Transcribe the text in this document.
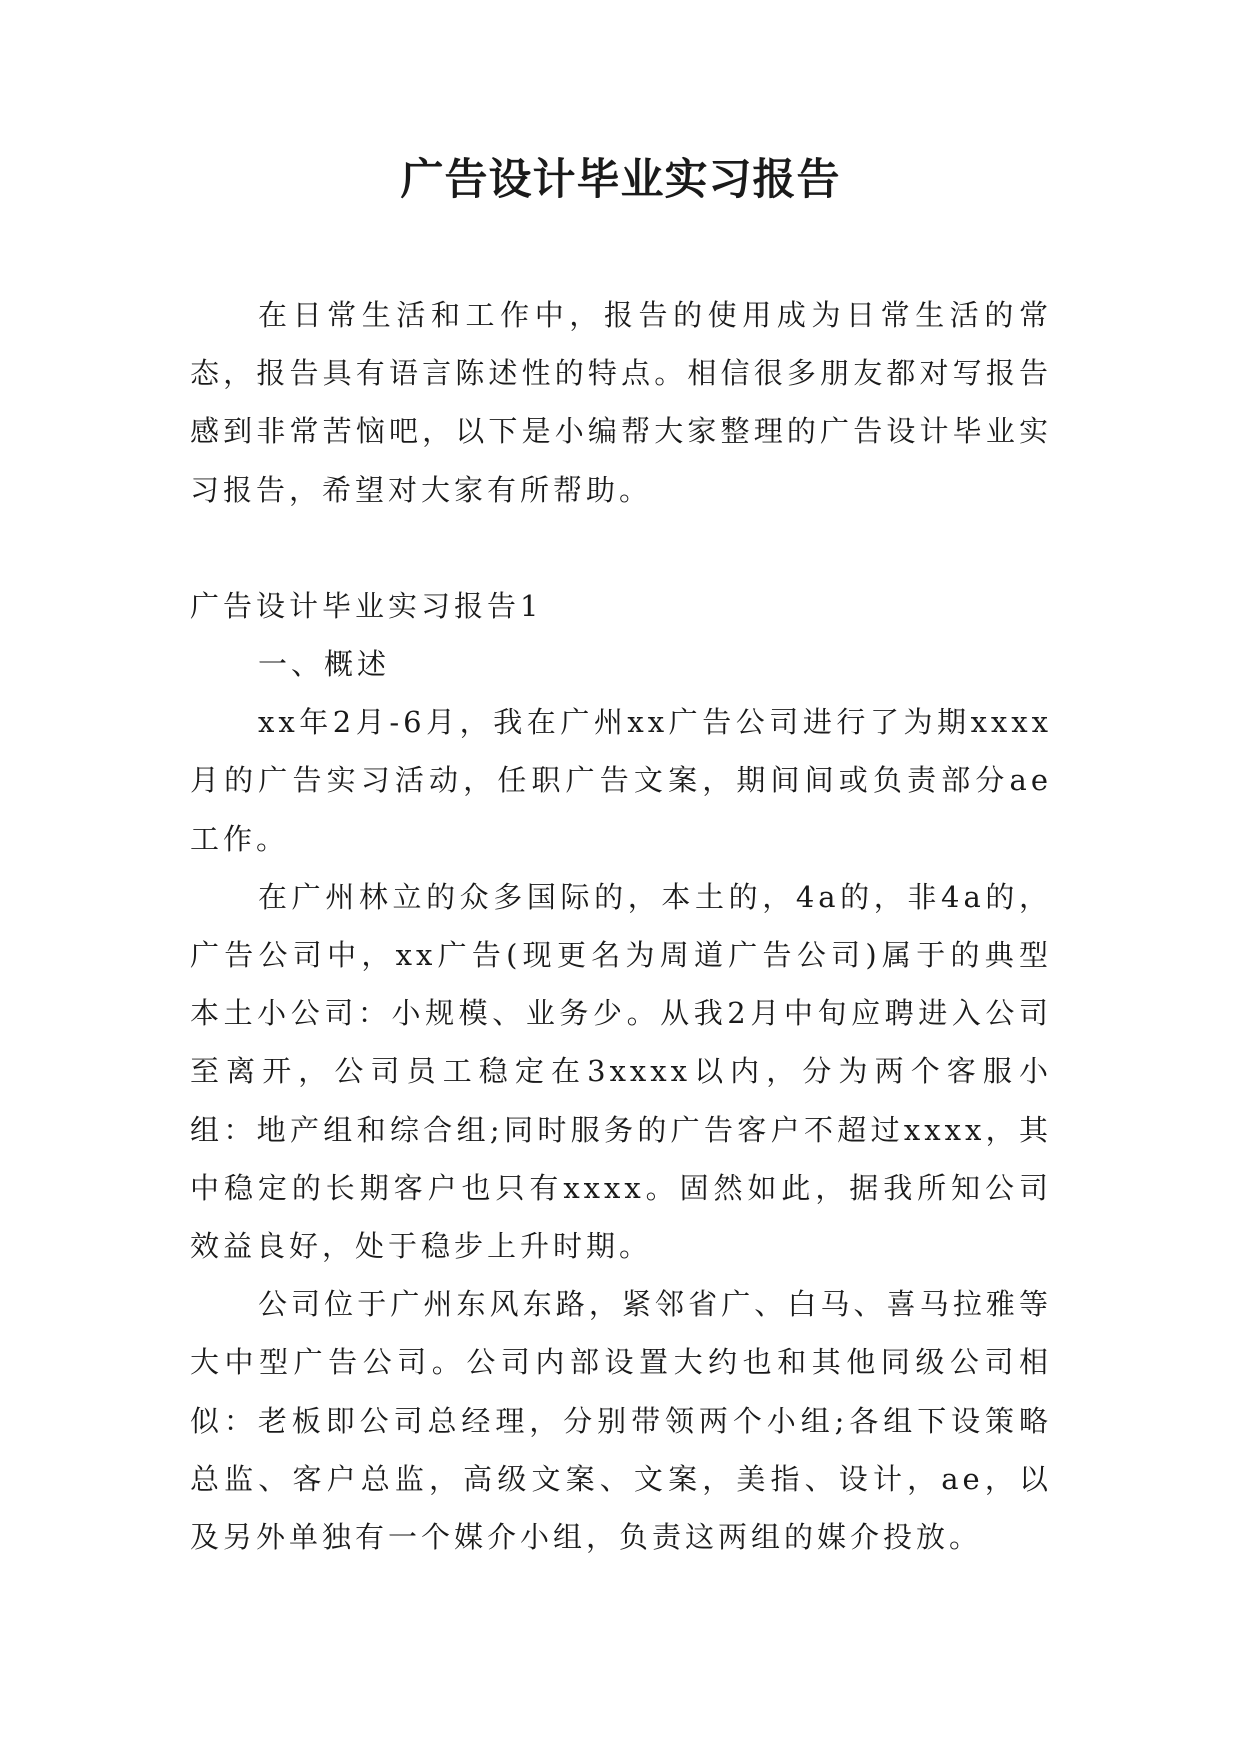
广告设计毕业实习报告

在日常生活和工作中，报告的使用成为日常生活的常态，报告具有语言陈述性的特点。相信很多朋友都对写报告感到非常苦恼吧，以下是小编帮大家整理的广告设计毕业实习报告，希望对大家有所帮助。

广告设计毕业实习报告1

一、概述

xx年2月-6月，我在广州xx广告公司进行了为期xxxx月的广告实习活动，任职广告文案，期间间或负责部分ae工作。

在广州林立的众多国际的，本土的，4a的，非4a的，广告公司中，xx广告(现更名为周道广告公司)属于的典型本土小公司：小规模、业务少。从我2月中旬应聘进入公司至离开，公司员工稳定在3xxxx以内，分为两个客服小组：地产组和综合组;同时服务的广告客户不超过xxxx，其中稳定的长期客户也只有xxxx。固然如此，据我所知公司效益良好，处于稳步上升时期。

公司位于广州东风东路，紧邻省广、白马、喜马拉雅等大中型广告公司。公司内部设置大约也和其他同级公司相似：老板即公司总经理，分别带领两个小组;各组下设策略总监、客户总监，高级文案、文案，美指、设计，ae，以及另外单独有一个媒介小组，负责这两组的媒介投放。
